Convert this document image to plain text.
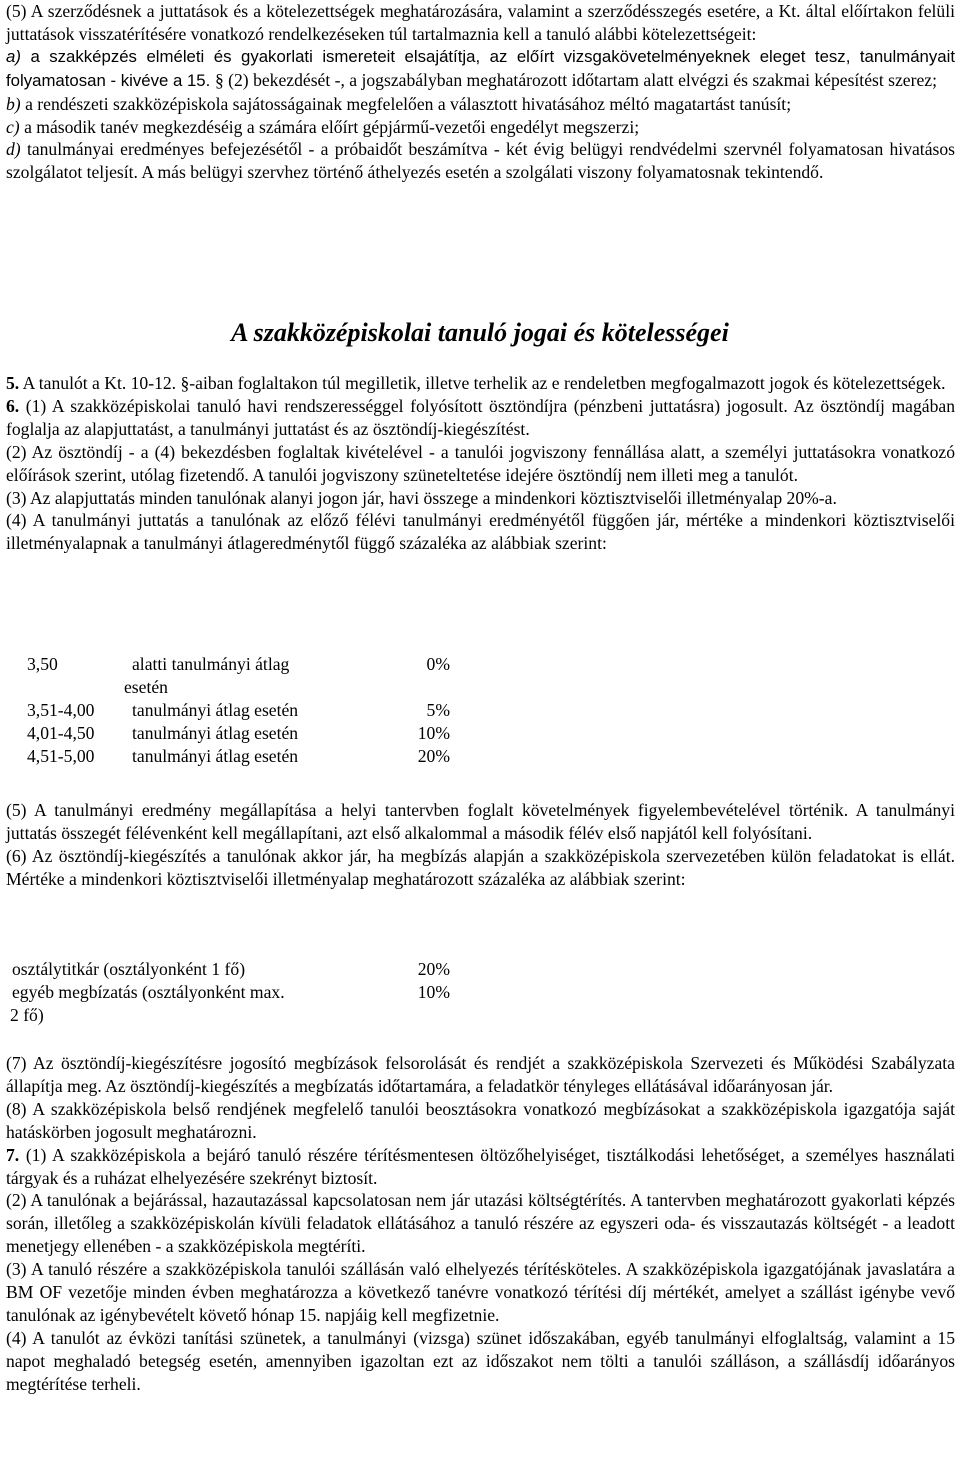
(5) A szerződésnek a juttatások és a kötelezettségek meghatározására, valamint a szerződésszegés esetére, a Kt. által előírtakon felüli juttatások visszatérítésére vonatkozó rendelkezéseken túl tartalmaznia kell a tanuló alábbi kötelezettségeit:

a) a szakképzés elméleti és gyakorlati ismereteit elsajátítja, az előírt vizsgakövetelményeknek eleget tesz, tanulmányait folyamatosan - kivéve a 15. § (2) bekezdését -, a jogszabályban meghatározott időtartam alatt elvégzi és szakmai képesítést szerez;

b) a rendészeti szakközépiskola sajátosságainak megfelelően a választott hivatásához méltó magatartást tanúsít;

c) a második tanév megkezdéséig a számára előírt gépjármű-vezetői engedélyt megszerzi;

d) tanulmányai eredményes befejezésétől - a próbaidőt beszámítva - két évig belügyi rendvédelmi szervnél folyamatosan hivatásos szolgálatot teljesít. A más belügyi szervhez történő áthelyezés esetén a szolgálati viszony folyamatosnak tekintendő.

A szakközépiskolai tanuló jogai és kötelességei

5. A tanulót a Kt. 10-12. §-aiban foglaltakon túl megilletik, illetve terhelik az e rendeletben megfogalmazott jogok és kötelezettségek.

6. (1) A szakközépiskolai tanuló havi rendszerességgel folyósított ösztöndíjra (pénzbeni juttatásra) jogosult. Az ösztöndíj magában foglalja az alapjuttatást, a tanulmányi juttatást és az ösztöndíj-kiegészítést.

(2) Az ösztöndíj - a (4) bekezdésben foglaltak kivételével - a tanulói jogviszony fennállása alatt, a személyi juttatásokra vonatkozó előírások szerint, utólag fizetendő. A tanulói jogviszony szüneteltetése idejére ösztöndíj nem illeti meg a tanulót.

(3) Az alapjuttatás minden tanulónak alanyi jogon jár, havi összege a mindenkori köztisztviselői illetményalap 20%-a.

(4) A tanulmányi juttatás a tanulónak az előző félévi tanulmányi eredményétől függően jár, mértéke a mindenkori köztisztviselői illetményalapnak a tanulmányi átlageredménytől függő százaléka az alábbiak szerint:

3,50	alatti tanulmányi átlag	0%
esetén
3,51-4,00 tanulmányi átlag esetén	5%
4,01-4,50 tanulmányi átlag esetén	10%
4,51-5,00 tanulmányi átlag esetén	20%

(5) A tanulmányi eredmény megállapítása a helyi tantervben foglalt követelmények figyelembevételével történik. A tanulmányi juttatás összegét félévenként kell megállapítani, azt első alkalommal a második félév első napjától kell folyósítani.

(6) Az ösztöndíj-kiegészítés a tanulónak akkor jár, ha megbízás alapján a szakközépiskola szervezetében külön feladatokat is ellát. Mértéke a mindenkori köztisztviselői illetményalap meghatározott százaléka az alábbiak szerint:

osztálytitkár (osztályonként 1 fő)	20%
egyéb megbízatás (osztályonként max.	10%
2 fő)

(7) Az ösztöndíj-kiegészítésre jogosító megbízások felsorolását és rendjét a szakközépiskola Szervezeti és Működési Szabályzata állapítja meg. Az ösztöndíj-kiegészítés a megbízatás időtartamára, a feladatkör tényleges ellátásával időarányosan jár.

(8) A szakközépiskola belső rendjének megfelelő tanulói beosztásokra vonatkozó megbízásokat a szakközépiskola igazgatója saját hatáskörben jogosult meghatározni.

7. (1) A szakközépiskola a bejáró tanuló részére térítésmentesen öltözőhelyiséget, tisztálkodási lehetőséget, a személyes használati tárgyak és a ruházat elhelyezésére szekrényt biztosít.

(2) A tanulónak a bejárással, hazautazással kapcsolatosan nem jár utazási költségtérítés. A tantervben meghatározott gyakorlati képzés során, illetőleg a szakközépiskolán kívüli feladatok ellátásához a tanuló részére az egyszeri oda- és visszautazás költségét - a leadott menetjegy ellenében - a szakközépiskola megtéríti.

(3) A tanuló részére a szakközépiskola tanulói szállásán való elhelyezés térítésköteles. A szakközépiskola igazgatójának javaslatára a BM OF vezetője minden évben meghatározza a következő tanévre vonatkozó térítési díj mértékét, amelyet a szállást igénybe vevő tanulónak az igénybevételt követő hónap 15. napjáig kell megfizetnie.

(4) A tanulót az évközi tanítási szünetek, a tanulmányi (vizsga) szünet időszakában, egyéb tanulmányi elfoglaltság, valamint a 15 napot meghaladó betegség esetén, amennyiben igazoltan ezt az időszakot nem tölti a tanulói szálláson, a szállásdíj időarányos megtérítése terheli.
